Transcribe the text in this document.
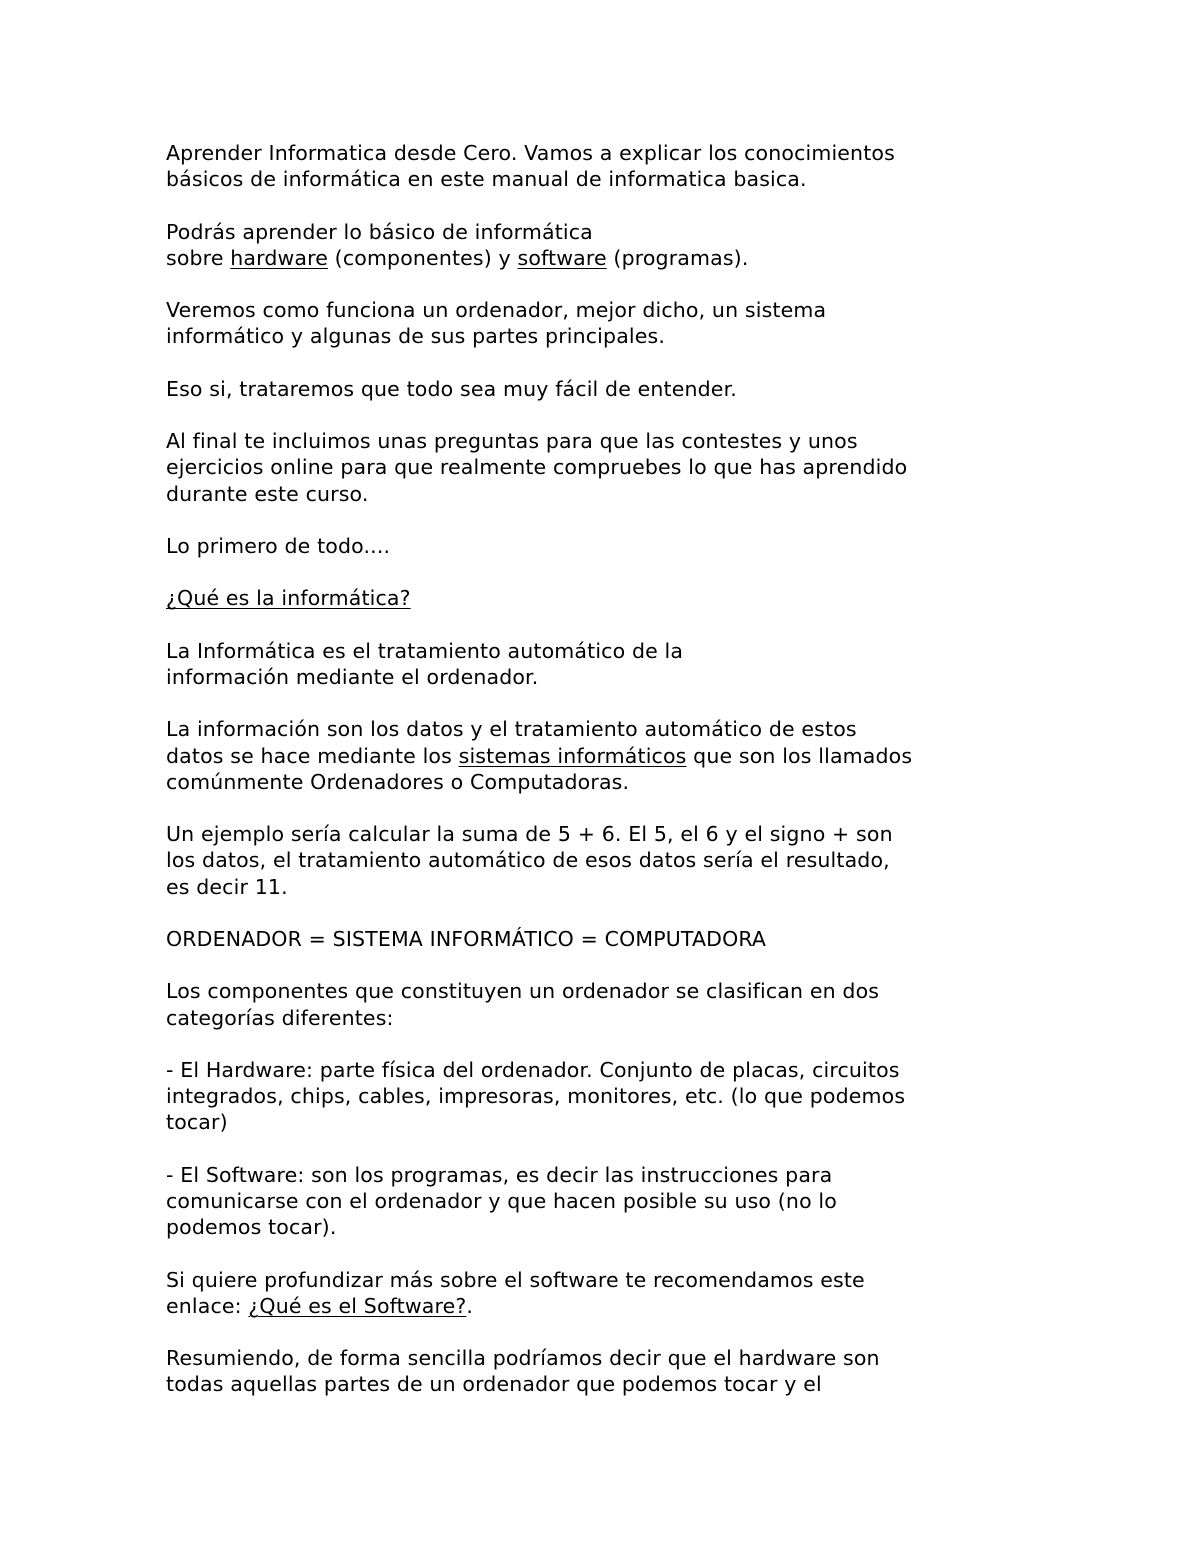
Aprender Informatica desde Cero. Vamos a explicar los conocimientos
básicos de informática en este manual de informatica basica.

Podrás aprender lo básico de informática
sobre hardware (componentes) y software (programas).

Veremos como funciona un ordenador, mejor dicho, un sistema
informático y algunas de sus partes principales.

Eso si, trataremos que todo sea muy fácil de entender.

Al final te incluimos unas preguntas para que las contestes y unos
ejercicios online para que realmente compruebes lo que has aprendido
durante este curso.

Lo primero de todo....

¿Qué es la informática?

La Informática es el tratamiento automático de la
información mediante el ordenador.

La información son los datos y el tratamiento automático de estos
datos se hace mediante los sistemas informáticos que son los llamados
comúnmente Ordenadores o Computadoras.

Un ejemplo sería calcular la suma de 5 + 6. El 5, el 6 y el signo + son
los datos, el tratamiento automático de esos datos sería el resultado,
es decir 11.

ORDENADOR = SISTEMA INFORMÁTICO = COMPUTADORA

Los componentes que constituyen un ordenador se clasifican en dos
categorías diferentes:

- El Hardware: parte física del ordenador. Conjunto de placas, circuitos
integrados, chips, cables, impresoras, monitores, etc. (lo que podemos
tocar)

- El Software: son los programas, es decir las instrucciones para
comunicarse con el ordenador y que hacen posible su uso (no lo
podemos tocar).

Si quiere profundizar más sobre el software te recomendamos este
enlace: ¿Qué es el Software?.

Resumiendo, de forma sencilla podríamos decir que el hardware son
todas aquellas partes de un ordenador que podemos tocar y el
